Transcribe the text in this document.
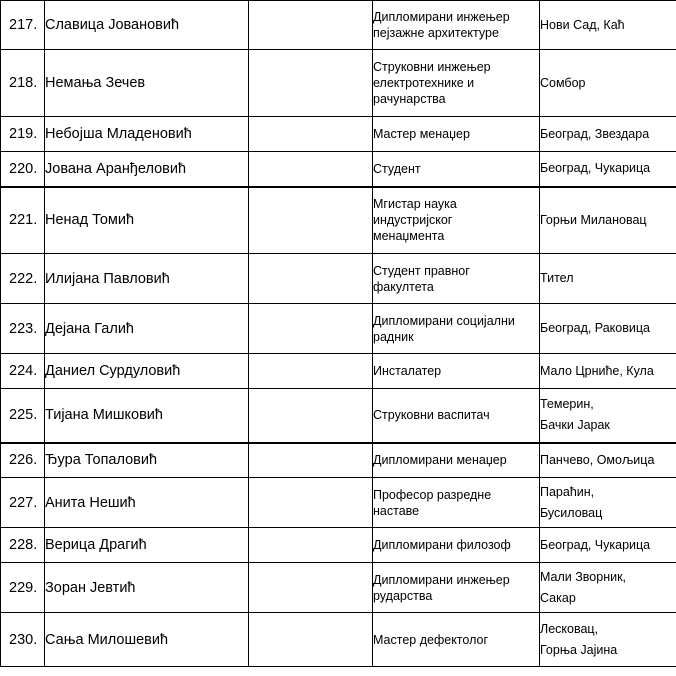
217.	Славица Јовановић		Дипломирани инжењер
пејзажне архитектуре	Нови Сад, Каћ

218.	Немања Зечев		Струковни инжењер
електротехнике и
рачунарства	Сомбор

219.	Небојша Младеновић		Мастер менаџер	Београд, Звездара

220.	Јована Аранђеловић		Студент	Београд, Чукарица

221.	Ненад Томић		Мгистар наука
индустријског
менаџмента	Горњи Милановац

222.	Илијана Павловић		Студент правног
факултета	Тител

223.	Дејана Галић		Дипломирани социјални
радник	Београд, Раковица

224.	Даниел Сурдуловић		Инсталатер	Мало Црниће, Кула

225.	Тијана Мишковић		Струковни васпитач	Темерин,
Бачки Јарак

226.	Ђура Топаловић		Дипломирани менаџер	Панчево, Омољица

227.	Анита Нешић		Професор разредне
наставе	Параћин,
Бусиловац

228.	Верица Драгић		Дипломирани филозоф	Београд, Чукарица

229.	Зоран Јевтић		Дипломирани инжењер
рударства	Мали Зворник,
Сакар

230.	Сања Милошевић		Мастер дефектолог	Лесковац,
Горња Јајина
